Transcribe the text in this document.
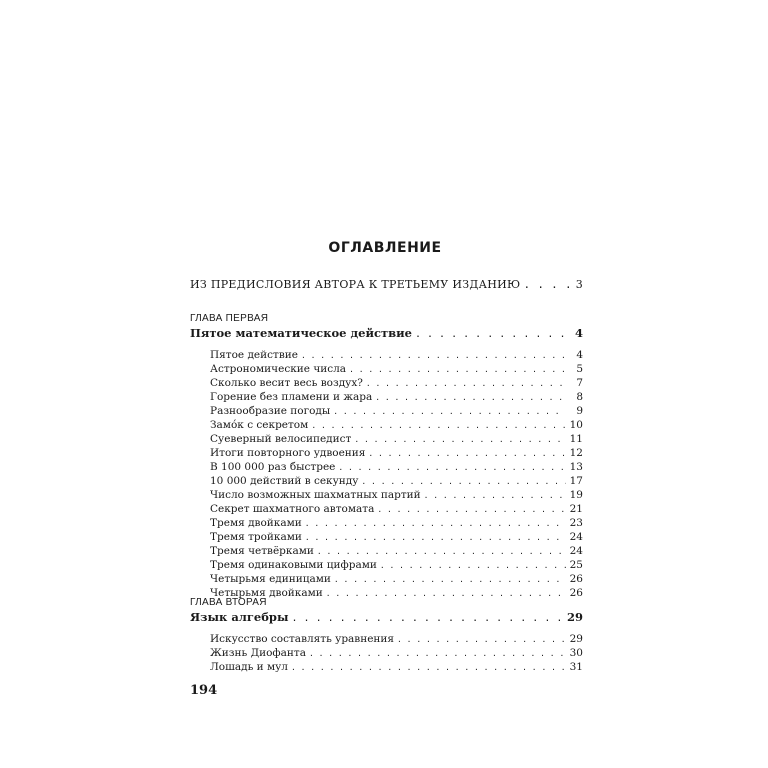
ОГЛАВЛЕНИЕ
ИЗ ПРЕДИСЛОВИЯ АВТОРА К ТРЕТЬЕМУ ИЗДАНИЮ . . .	3
ГЛАВА ПЕРВАЯ
Пятое математическое действие . . .	4
Пятое действие . . .	4
Астрономические числа . . .	5
Сколько весит весь воздух? . . .	7
Горение без пламени и жара . . .	8
Разнообразие погоды . . .	9
Замóк с секретом . . .	10
Суеверный велосипедист . . .	11
Итоги повторного удвоения . . .	12
В 100 000 раз быстрее . . .	13
10 000 действий в секунду . . .	17
Число возможных шахматных партий . . .	19
Секрет шахматного автомата . . .	21
Тремя двойками . . .	23
Тремя тройками . . .	24
Тремя четвёрками . . .	24
Тремя одинаковыми цифрами . . .	25
Четырьмя единицами . . .	26
Четырьмя двойками . . .	26
ГЛАВА ВТОРАЯ
Язык алгебры . . .	29
Искусство составлять уравнения . . .	29
Жизнь Диофанта . . .	30
Лошадь и мул . . .	31
194
